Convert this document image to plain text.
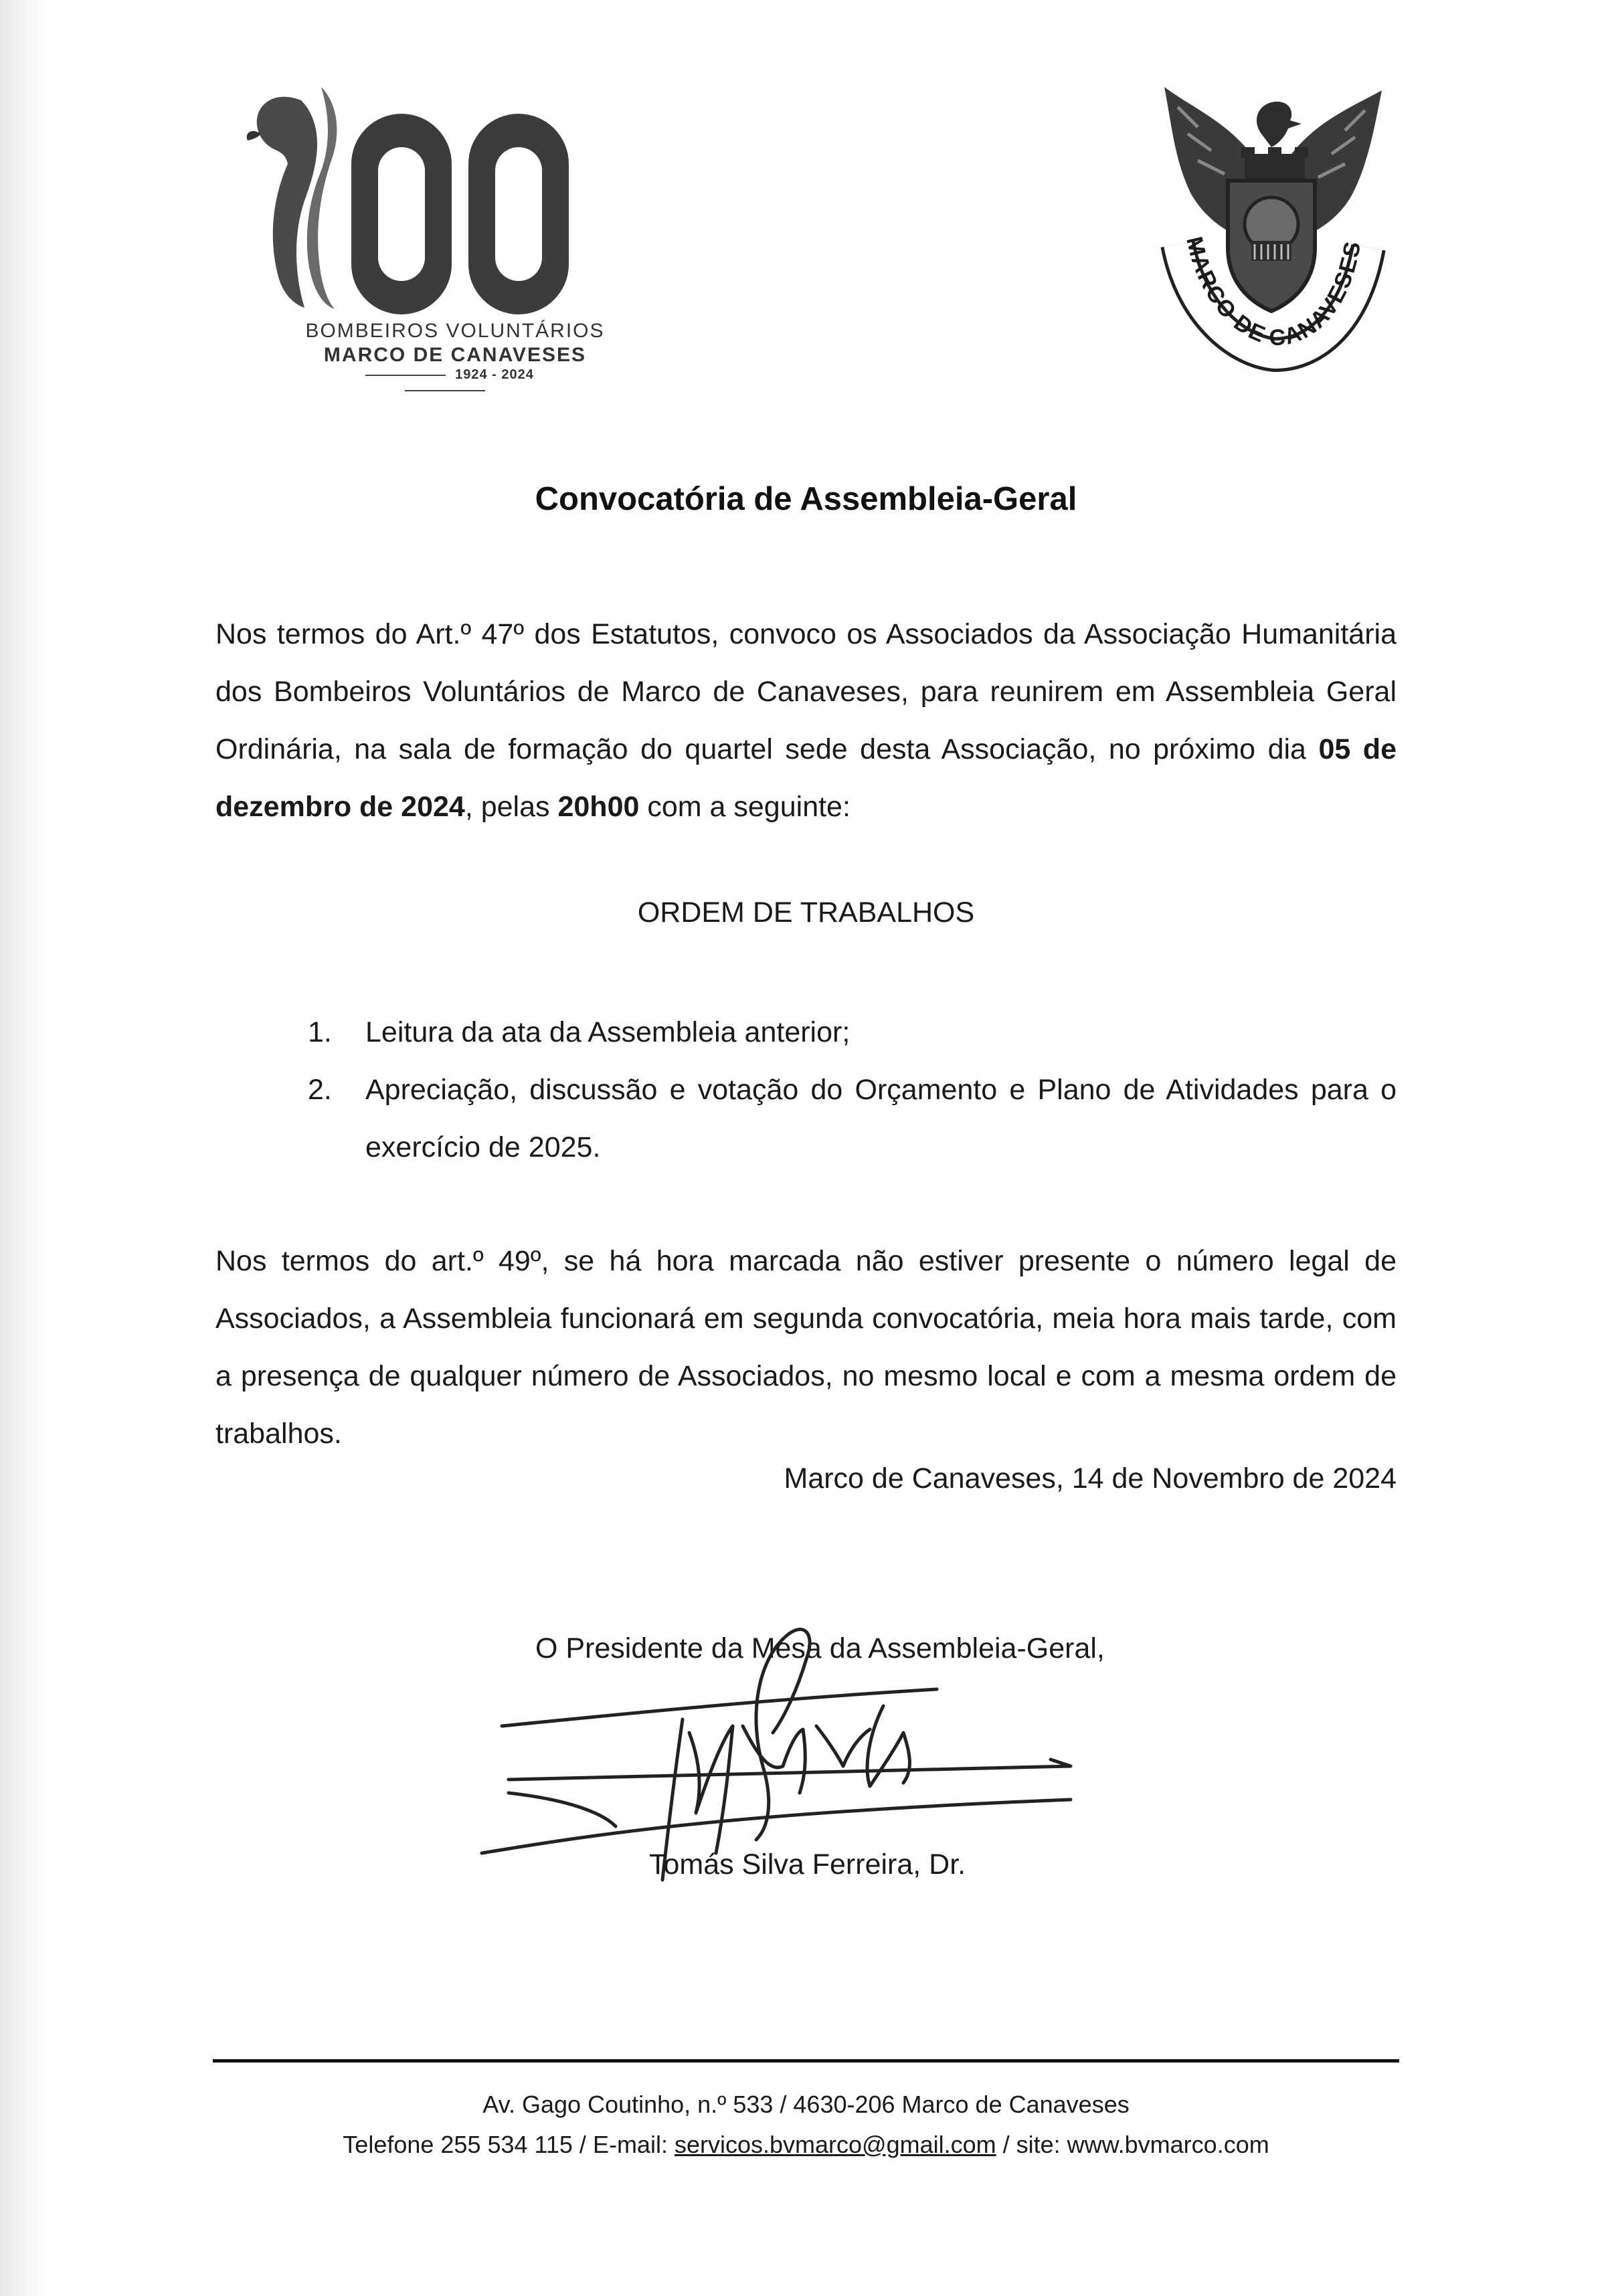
BOMBEIROS VOLUNTÁRIOS
MARCO DE CANAVESES
1924 - 2024
MARCO DE CANAVESES
Convocatória de Assembleia-Geral
Nos termos do Art.º 47º dos Estatutos, convoco os Associados da Associação Humanitária dos Bombeiros Voluntários de Marco de Canaveses, para reunirem em Assembleia Geral Ordinária, na sala de formação do quartel sede desta Associação, no próximo dia 05 de dezembro de 2024, pelas 20h00 com a seguinte:
ORDEM DE TRABALHOS
1. Leitura da ata da Assembleia anterior;
2. Apreciação, discussão e votação do Orçamento e Plano de Atividades para o exercício de 2025.
Nos termos do art.º 49º, se há hora marcada não estiver presente o número legal de Associados, a Assembleia funcionará em segunda convocatória, meia hora mais tarde, com a presença de qualquer número de Associados, no mesmo local e com a mesma ordem de trabalhos.
Marco de Canaveses, 14 de Novembro de 2024
O Presidente da Mesa da Assembleia-Geral,
Tomás Silva Ferreira, Dr.
Av. Gago Coutinho, n.º 533 / 4630-206 Marco de Canaveses
Telefone 255 534 115 / E-mail: servicos.bvmarco@gmail.com / site: www.bvmarco.com
